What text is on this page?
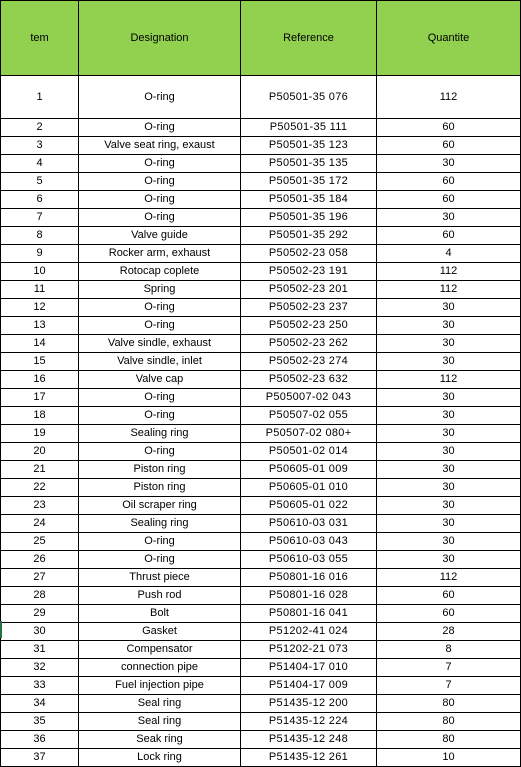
tem	Designation	Reference	Quantite
1	O-ring	P50501-35 076	112
2	O-ring	P50501-35 111	60
3	Valve seat ring, exaust	P50501-35 123	60
4	O-ring	P50501-35 135	30
5	O-ring	P50501-35 172	60
6	O-ring	P50501-35 184	60
7	O-ring	P50501-35 196	30
8	Valve guide	P50501-35 292	60
9	Rocker arm, exhaust	P50502-23 058	4
10	Rotocap coplete	P50502-23 191	112
11	Spring	P50502-23 201	112
12	O-ring	P50502-23 237	30
13	O-ring	P50502-23 250	30
14	Valve sindle, exhaust	P50502-23 262	30
15	Valve sindle, inlet	P50502-23 274	30
16	Valve cap	P50502-23 632	112
17	O-ring	P505007-02 043	30
18	O-ring	P50507-02 055	30
19	Sealing ring	P50507-02 080+	30
20	O-ring	P50501-02 014	30
21	Piston ring	P50605-01 009	30
22	Piston ring	P50605-01 010	30
23	Oil scraper ring	P50605-01 022	30
24	Sealing ring	P50610-03 031	30
25	O-ring	P50610-03 043	30
26	O-ring	P50610-03 055	30
27	Thrust piece	P50801-16 016	112
28	Push rod	P50801-16 028	60
29	Bolt	P50801-16 041	60
30	Gasket	P51202-41 024	28
31	Compensator	P51202-21 073	8
32	connection pipe	P51404-17 010	7
33	Fuel injection pipe	P51404-17 009	7
34	Seal ring	P51435-12 200	80
35	Seal ring	P51435-12 224	80
36	Seak ring	P51435-12 248	80
37	Lock ring	P51435-12 261	10
